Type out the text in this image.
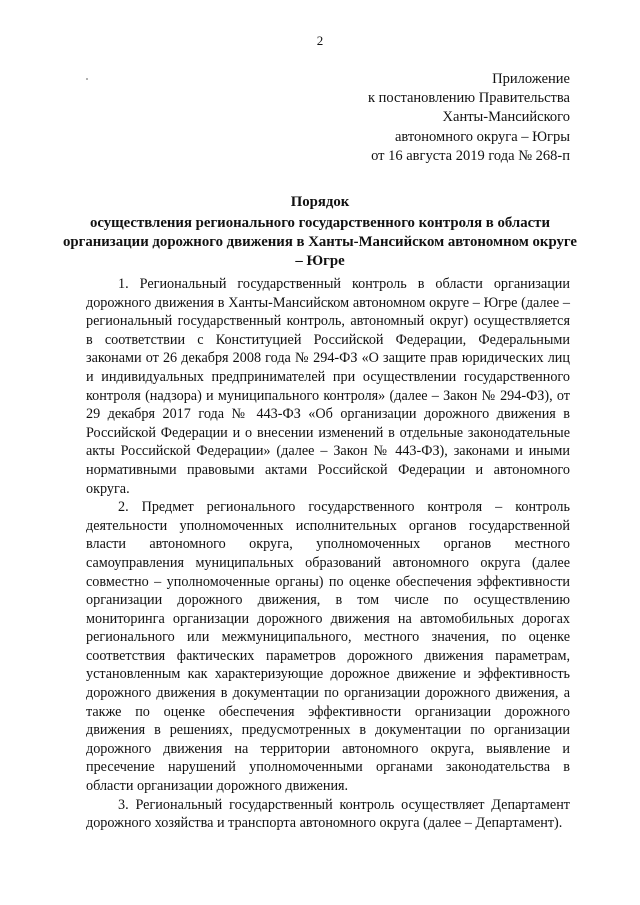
2
Приложение
к постановлению Правительства
Ханты-Мансийского
автономного округа – Югры
от 16 августа 2019 года № 268-п
Порядок
осуществления регионального государственного контроля в области организации дорожного движения в Ханты-Мансийском автономном округе – Югре

1. Региональный государственный контроль в области организации дорожного движения в Ханты-Мансийском автономном округе – Югре (далее – региональный государственный контроль, автономный округ) осуществляется в соответствии с Конституцией Российской Федерации, Федеральными законами от 26 декабря 2008 года № 294-ФЗ «О защите прав юридических лиц и индивидуальных предпринимателей при осуществлении государственного контроля (надзора) и муниципального контроля» (далее – Закон № 294-ФЗ), от 29 декабря 2017 года № 443-ФЗ «Об организации дорожного движения в Российской Федерации и о внесении изменений в отдельные законодательные акты Российской Федерации» (далее – Закон № 443-ФЗ), законами и иными нормативными правовыми актами Российской Федерации и автономного округа.

2. Предмет регионального государственного контроля – контроль деятельности уполномоченных исполнительных органов государственной власти автономного округа, уполномоченных органов местного самоуправления муниципальных образований автономного округа (далее совместно – уполномоченные органы) по оценке обеспечения эффективности организации дорожного движения, в том числе по осуществлению мониторинга организации дорожного движения на автомобильных дорогах регионального или межмуниципального, местного значения, по оценке соответствия фактических параметров дорожного движения параметрам, установленным как характеризующие дорожное движение и эффективность дорожного движения в документации по организации дорожного движения, а также по оценке обеспечения эффективности организации дорожного движения в решениях, предусмотренных в документации по организации дорожного движения на территории автономного округа, выявление и пресечение нарушений уполномоченными органами законодательства в области организации дорожного движения.

3. Региональный государственный контроль осуществляет Департамент дорожного хозяйства и транспорта автономного округа (далее – Департамент).
